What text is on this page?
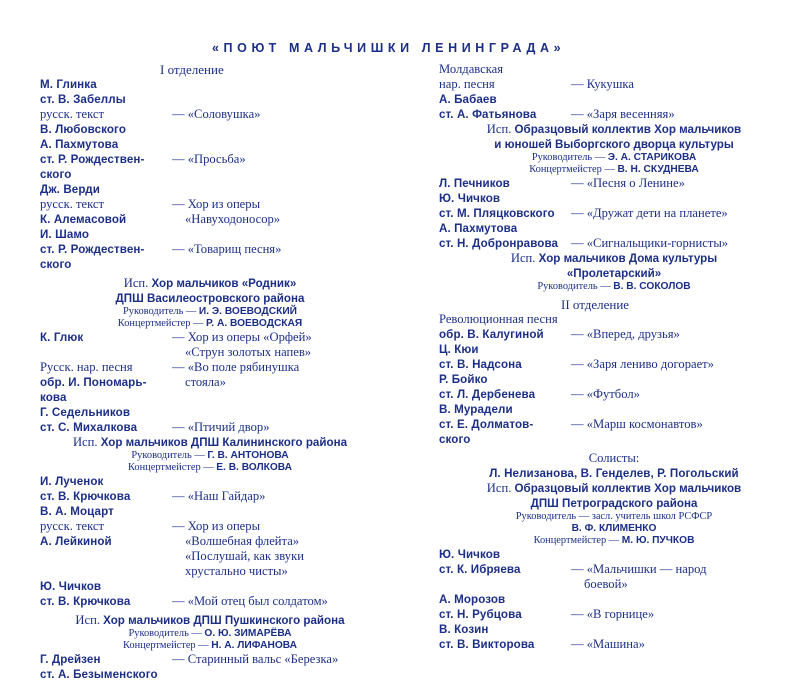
«ПОЮТ МАЛЬЧИШКИ ЛЕНИНГРАДА»
I отделение
М. Глинка
ст. В. Забеллы
русск. текст	— «Соловушка»
В. Любовского
А. Пахмутова
ст. Р. Рождествен-	— «Просьба»
ского
Дж. Верди
русск. текст	— Хор из оперы
К. Алемасовой	«Навуходоносор»
И. Шамо
ст. Р. Рождествен-	— «Товарищ песня»
ского
Исп. Хор мальчиков «Родник»
ДПШ Василеостровского района
Руководитель — И. Э. ВОЕВОДСКИЙ
Концертмейстер — Р. А. ВОЕВОДСКАЯ
К. Глюк	— Хор из оперы «Орфей»
«Струн золотых напев»
Русск. нар. песня	— «Во поле рябинушка
обр. И. Пономарь-	стояла»
кова
Г. Седельников
ст. С. Михалкова	— «Птичий двор»
Исп. Хор мальчиков ДПШ Калининского района
Руководитель — Г. В. АНТОНОВА
Концертмейстер — Е. В. ВОЛКОВА
И. Лученок
ст. В. Крючкова	— «Наш Гайдар»
В. А. Моцарт
русск. текст	— Хор из оперы
А. Лейкиной	«Волшебная флейта»
«Послушай, как звуки
хрустально чисты»
Ю. Чичков
ст. В. Крючкова	— «Мой отец был солдатом»
Исп. Хор мальчиков ДПШ Пушкинского района
Руководитель — О. Ю. ЗИМАРЁВА
Концертмейстер — Н. А. ЛИФАНОВА
Г. Дрейзен	— Старинный вальс «Березка»
ст. А. Безыменского
Молдавская
нар. песня	— Кукушка
А. Бабаев
ст. А. Фатьянова	— «Заря весенняя»
Исп. Образцовый коллектив Хор мальчиков
и юношей Выборгского дворца культуры
Руководитель — Э. А. СТАРИКОВА
Концертмейстер — В. Н. СКУДНЕВА
Л. Печников	— «Песня о Ленине»
Ю. Чичков
ст. М. Пляцковского	— «Дружат дети на планете»
А. Пахмутова
ст. Н. Добронравова	— «Сигнальщики-горнисты»
Исп. Хор мальчиков Дома культуры
«Пролетарский»
Руководитель — В. В. СОКОЛОВ
II отделение
Революционная песня
обр. В. Калугиной	— «Вперед, друзья»
Ц. Кюи
ст. В. Надсона	— «Заря лениво догорает»
Р. Бойко
ст. Л. Дербенева	— «Футбол»
В. Мурадели
ст. Е. Долматов-	— «Марш космонавтов»
ского
Солисты:
Л. Нелизанова, В. Генделев, Р. Погольский
Исп. Образцовый коллектив Хор мальчиков
ДПШ Петроградского района
Руководитель — засл. учитель школ РСФСР
В. Ф. КЛИМЕНКО
Концертмейстер — М. Ю. ПУЧКОВ
Ю. Чичков
ст. К. Ибряева	— «Мальчишки — народ
боевой»
А. Морозов
ст. Н. Рубцова	— «В горнице»
В. Козин
ст. В. Викторова	— «Машина»
